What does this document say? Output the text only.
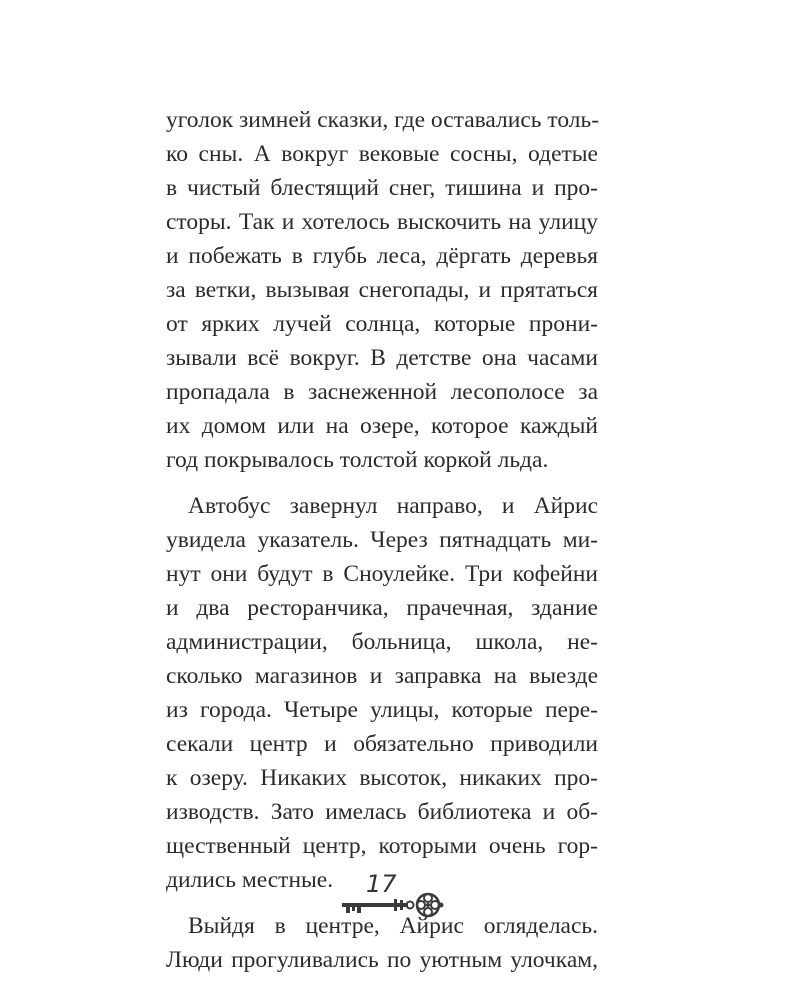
уголок зимней сказки, где оставались толь-
ко сны. А вокруг вековые сосны, одетые
в чистый блестящий снег, тишина и про-
сторы. Так и хотелось выскочить на улицу
и побежать в глубь леса, дёргать деревья
за ветки, вызывая снегопады, и прятаться
от ярких лучей солнца, которые прони-
зывали всё вокруг. В детстве она часами
пропадала в заснеженной лесополосе за
их домом или на озере, которое каждый
год покрывалось толстой коркой льда.
Автобус завернул направо, и Айрис
увидела указатель. Через пятнадцать ми-
нут они будут в Сноулейке. Три кофейни
и два ресторанчика, прачечная, здание
администрации, больница, школа, не-
сколько магазинов и заправка на выезде
из города. Четыре улицы, которые пере-
секали центр и обязательно приводили
к озеру. Никаких высоток, никаких про-
изводств. Зато имелась библиотека и об-
щественный центр, которыми очень гор-
дились местные.
Выйдя в центре, Айрис огляделась.
Люди прогуливались по уютным улочкам,
17
